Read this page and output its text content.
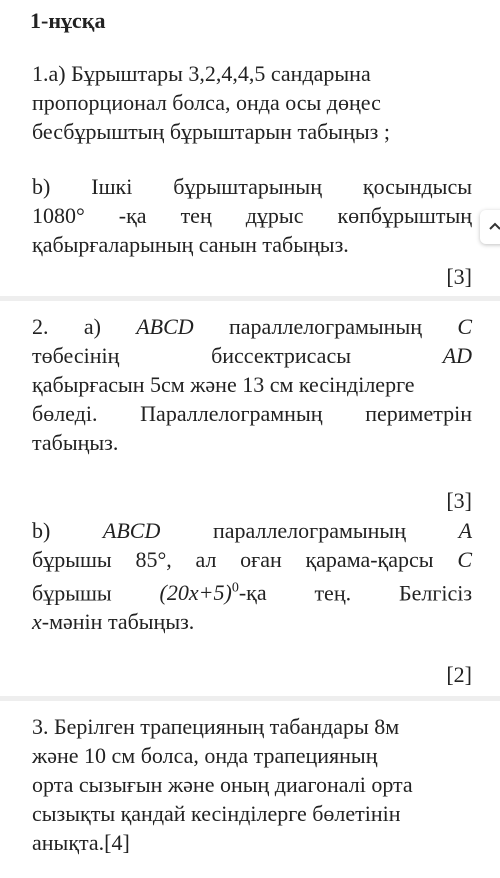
1-нұсқа
1.a) Бұрыштары 3,2,4,4,5 сандарына
пропорционал болса, онда осы дөңес
бесбұрыштың бұрыштарын табыңыз ;
b) Ішкі бұрыштарының қосындысы
1080° -қа тең дұрыс көпбұрыштың
қабырғаларының санын табыңыз.
[3]
2. a) ABCD параллелограмының C
төбесінің	биссектрисасы	AD
қабырғасын 5см және 13 см кесінділерге
бөледі. Параллелограмның периметрін
табыңыз.
[3]
b) ABCD параллелограмының A
бұрышы 85°, ал оған қарама-қарсы C
бұрышы $(20x+5)^0-қа$ тең. Белгісіз
x-мәнін табыңыз.
[2]
3. Берілген трапецияның табандары 8м
және 10 см болса, онда трапецияның
орта сызығын және оның диагоналі орта
сызықты қандай кесінділерге бөлетінін
анықта.[4]
